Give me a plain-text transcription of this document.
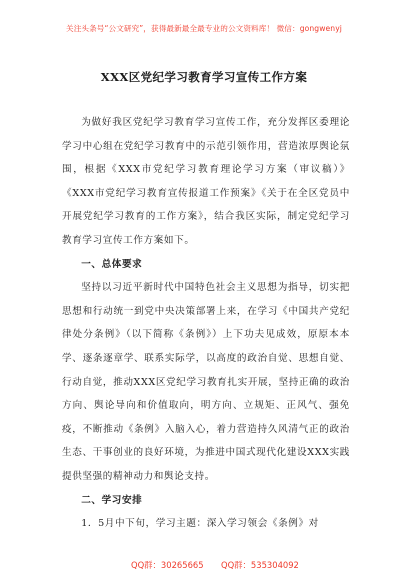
关注头条号“公文研究”，获得最新最全最专业的公文资料库！ 微信：gongwenyj
XXX区党纪学习教育学习宣传工作方案

为做好我区党纪学习教育学习宣传工作，充分发挥区委理论学习中心组在党纪学习教育中的示范引领作用，营造浓厚舆论氛围，根据《XXX市党纪学习教育理论学习方案（审议稿）》《XXX市党纪学习教育宣传报道工作预案》《关于在全区党员中开展党纪学习教育的工作方案》，结合我区实际，制定党纪学习教育学习宣传工作方案如下。

一、总体要求

坚持以习近平新时代中国特色社会主义思想为指导，切实把思想和行动统一到党中央决策部署上来，在学习《中国共产党纪律处分条例》（以下简称《条例》）上下功夫见成效，原原本本学、逐条逐章学、联系实际学，以高度的政治自觉、思想自觉、行动自觉，推动XXX区党纪学习教育扎实开展，坚持正确的政治方向、舆论导向和价值取向，明方向、立规矩、正风气、强免疫，不断推动《条例》入脑入心，着力营造持久风清气正的政治生态、干事创业的良好环境，为推进中国式现代化建设XXX实践提供坚强的精神动力和舆论支持。

二、学习安排

1．5月中下旬，学习主题：深入学习领会《条例》对

QQ群：30265665 QQ群：535304092
